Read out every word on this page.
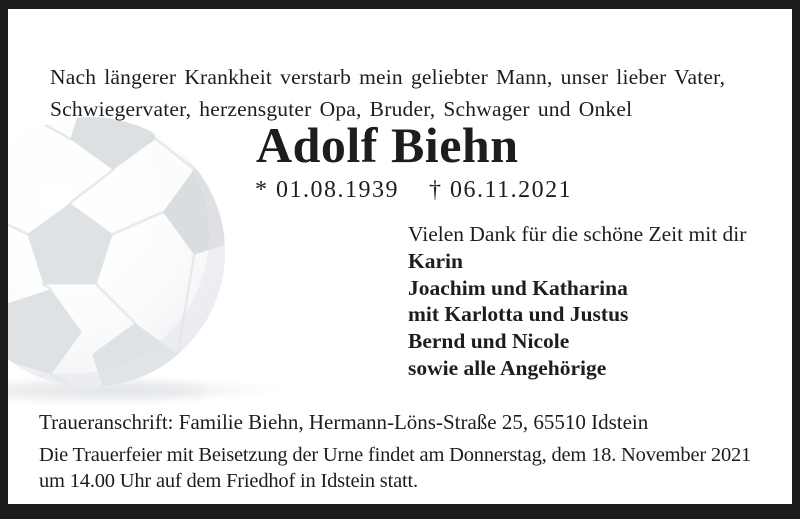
Nach längerer Krankheit verstarb mein geliebter Mann, unser lieber Vater,
Schwiegervater, herzensguter Opa, Bruder, Schwager und Onkel

Adolf Biehn
* 01.08.1939 † 06.11.2021
Vielen Dank für die schöne Zeit mit dir
Karin
Joachim und Katharina
mit Karlotta und Justus
Bernd und Nicole
sowie alle Angehörige

Traueranschrift: Familie Biehn, Hermann-Löns-Straße 25, 65510 Idstein

Die Trauerfeier mit Beisetzung der Urne findet am Donnerstag, dem 18. November 2021
um 14.00 Uhr auf dem Friedhof in Idstein statt.
